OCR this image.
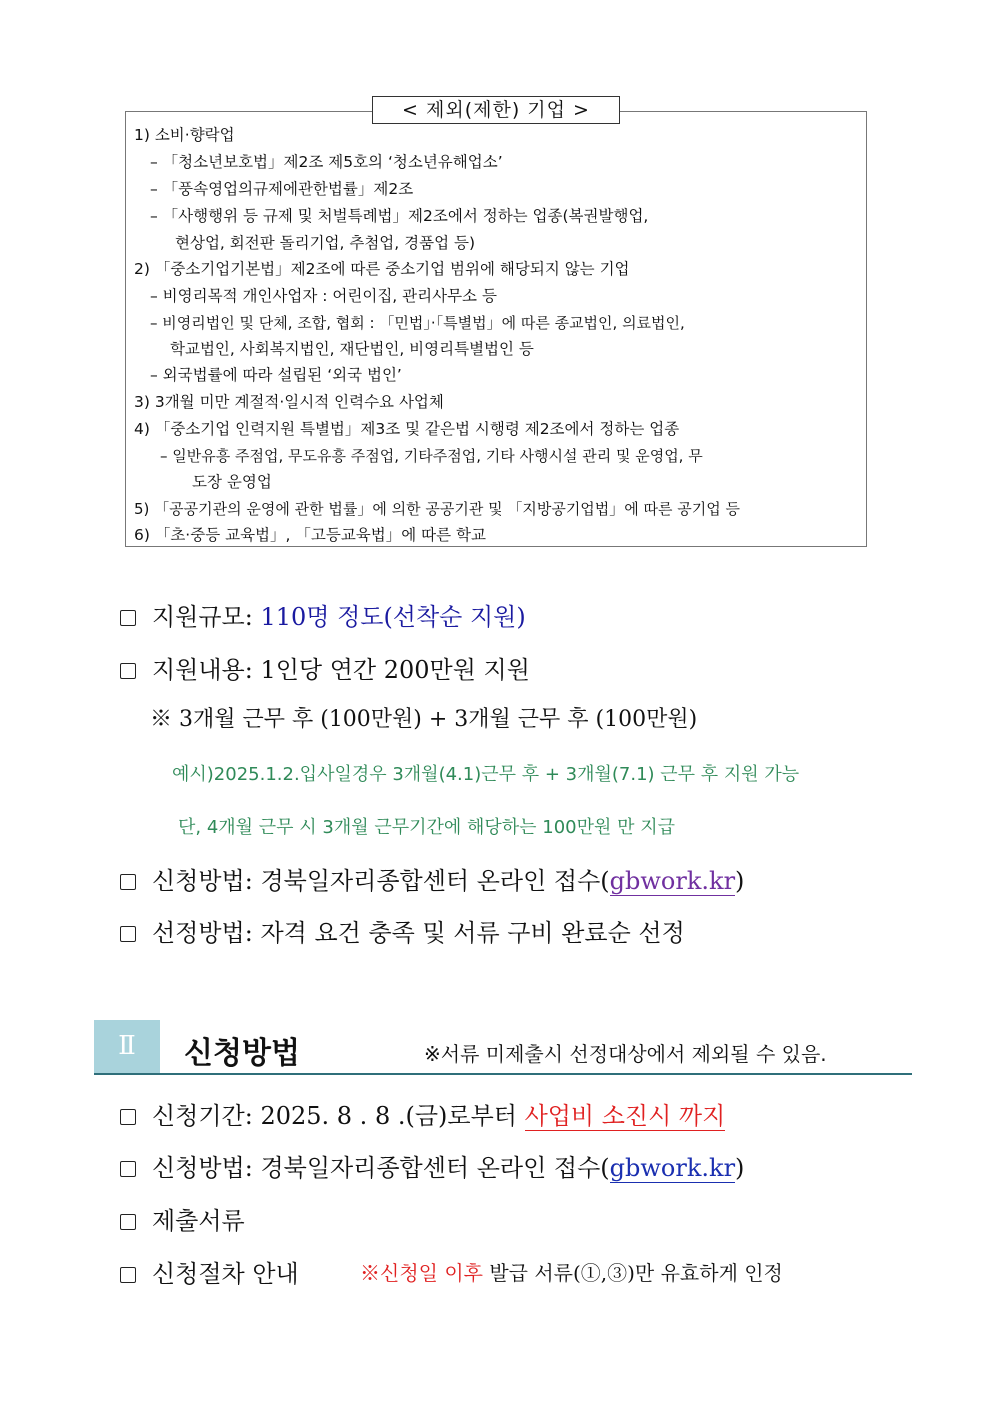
< 제외(제한) 기업 >
1) 소비·향락업
– 「청소년보호법」제2조 제5호의 ‘청소년유해업소’
– 「풍속영업의규제에관한법률」제2조
– 「사행행위 등 규제 및 처벌특례법」제2조에서 정하는 업종(복권발행업,
현상업, 회전판 돌리기업, 추첨업, 경품업 등)
2) 「중소기업기본법」제2조에 따른 중소기업 범위에 해당되지 않는 기업
– 비영리목적 개인사업자 : 어린이집, 관리사무소 등
– 비영리법인 및 단체, 조합, 협회 : 「민법」·「특별법」에 따른 종교법인, 의료법인,
학교법인, 사회복지법인, 재단법인, 비영리특별법인 등
– 외국법률에 따라 설립된 ‘외국 법인’
3) 3개월 미만 계절적·일시적 인력수요 사업체
4) 「중소기업 인력지원 특별법」제3조 및 같은법 시행령 제2조에서 정하는 업종
– 일반유흥 주점업, 무도유흥 주점업, 기타주점업, 기타 사행시설 관리 및 운영업, 무
도장 운영업
5) 「공공기관의 운영에 관한 법률」에 의한 공공기관 및 「지방공기업법」에 따른 공기업 등
6) 「초·중등 교육법」, 「고등교육법」에 따른 학교
지원규모: 110명 정도(선착순 지원)
지원내용: 1인당 연간 200만원 지원
※ 3개월 근무 후 (100만원) + 3개월 근무 후 (100만원)
예시)2025.1.2.입사일경우 3개월(4.1)근무 후 + 3개월(7.1) 근무 후 지원 가능
단, 4개월 근무 시 3개월 근무기간에 해당하는 100만원 만 지급
신청방법: 경북일자리종합센터 온라인 접수(gbwork.kr)
선정방법: 자격 요건 충족 및 서류 구비 완료순 선정
Ⅱ	신청방법	※서류 미제출시 선정대상에서 제외될 수 있음.
신청기간: 2025. 8 . 8 .(금)로부터 사업비 소진시 까지
신청방법: 경북일자리종합센터 온라인 접수(gbwork.kr)
제출서류
신청절차 안내	※신청일 이후 발급 서류(①,③)만 유효하게 인정
